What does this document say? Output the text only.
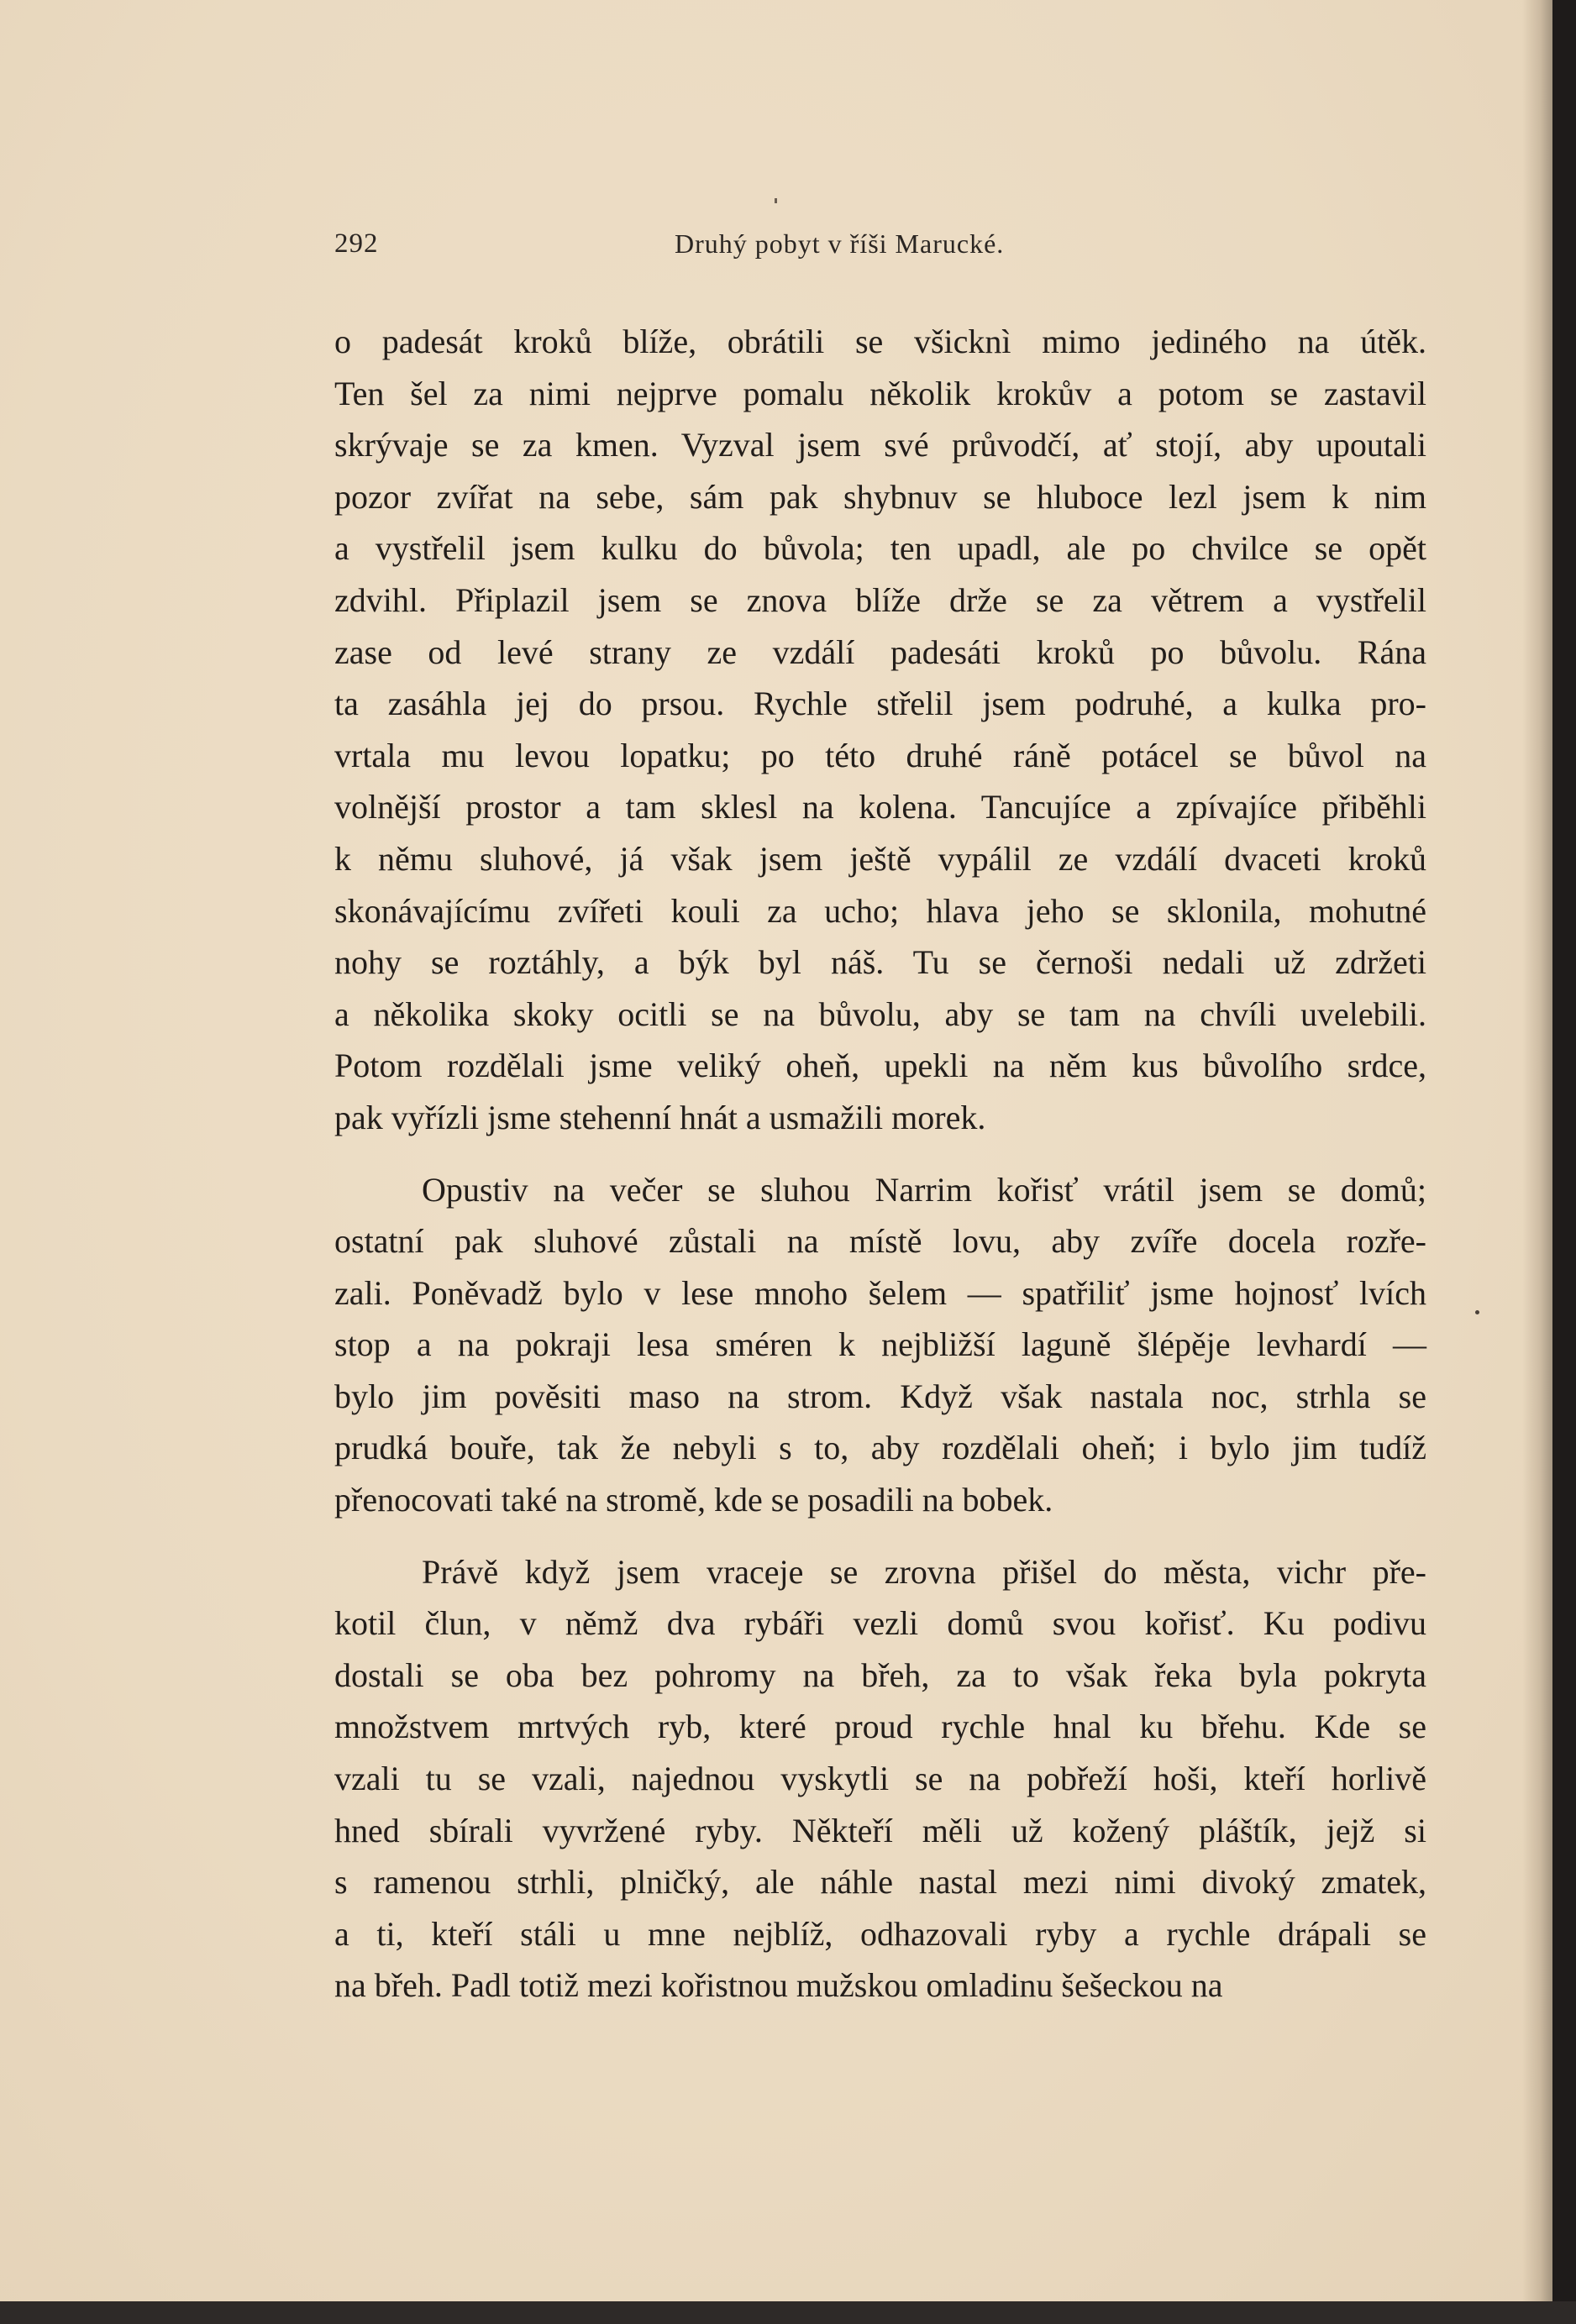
292	Druhý pobyt v říši Marucké.

o padesát kroků blíže, obrátili se všicknì mimo jediného na útěk.
Ten šel za nimi nejprve pomalu několik krokův a potom se zastavil
skrývaje se za kmen. Vyzval jsem své průvodčí, ať stojí, aby upoutali
pozor zvířat na sebe, sám pak shybnuv se hluboce lezl jsem k nim
a vystřelil jsem kulku do bůvola; ten upadl, ale po chvilce se opět
zdvihl. Připlazil jsem se znova blíže drže se za větrem a vystřelil
zase od levé strany ze vzdálí padesáti kroků po bůvolu. Rána
ta zasáhla jej do prsou. Rychle střelil jsem podruhé, a kulka pro-
vrtala mu levou lopatku; po této druhé ráně potácel se bůvol na
volnější prostor a tam sklesl na kolena. Tancujíce a zpívajíce přiběhli
k němu sluhové, já však jsem ještě vypálil ze vzdálí dvaceti kroků
skonávajícímu zvířeti kouli za ucho; hlava jeho se sklonila, mohutné
nohy se roztáhly, a býk byl náš. Tu se černoši nedali už zdržeti
a několika skoky ocitli se na bůvolu, aby se tam na chvíli uvelebili.
Potom rozdělali jsme veliký oheň, upekli na něm kus bůvolího srdce,
pak vyřízli jsme stehenní hnát a usmažili morek.

Opustiv na večer se sluhou Narrim kořisť vrátil jsem se domů;
ostatní pak sluhové zůstali na místě lovu, aby zvíře docela rozře-
zali. Poněvadž bylo v lese mnoho šelem — spatřiliť jsme hojnosť lvích
stop a na pokraji lesa sméren k nejbližší laguně šlépěje levhardí —
bylo jim pověsiti maso na strom. Když však nastala noc, strhla se
prudká bouře, tak že nebyli s to, aby rozdělali oheň; i bylo jim tudíž
přenocovati také na stromě, kde se posadili na bobek.

Právě když jsem vraceje se zrovna přišel do města, vichr pře-
kotil člun, v němž dva rybáři vezli domů svou kořisť. Ku podivu
dostali se oba bez pohromy na břeh, za to však řeka byla pokryta
množstvem mrtvých ryb, které proud rychle hnal ku břehu. Kde se
vzali tu se vzali, najednou vyskytli se na pobřeží hoši, kteří horlivě
hned sbírali vyvržené ryby. Někteří měli už kožený pláštík, jejž si
s ramenou strhli, plničký, ale náhle nastal mezi nimi divoký zmatek,
a ti, kteří stáli u mne nejblíž, odhazovali ryby a rychle drápali se
na břeh. Padl totiž mezi kořistnou mužskou omladinu šešeckou na
